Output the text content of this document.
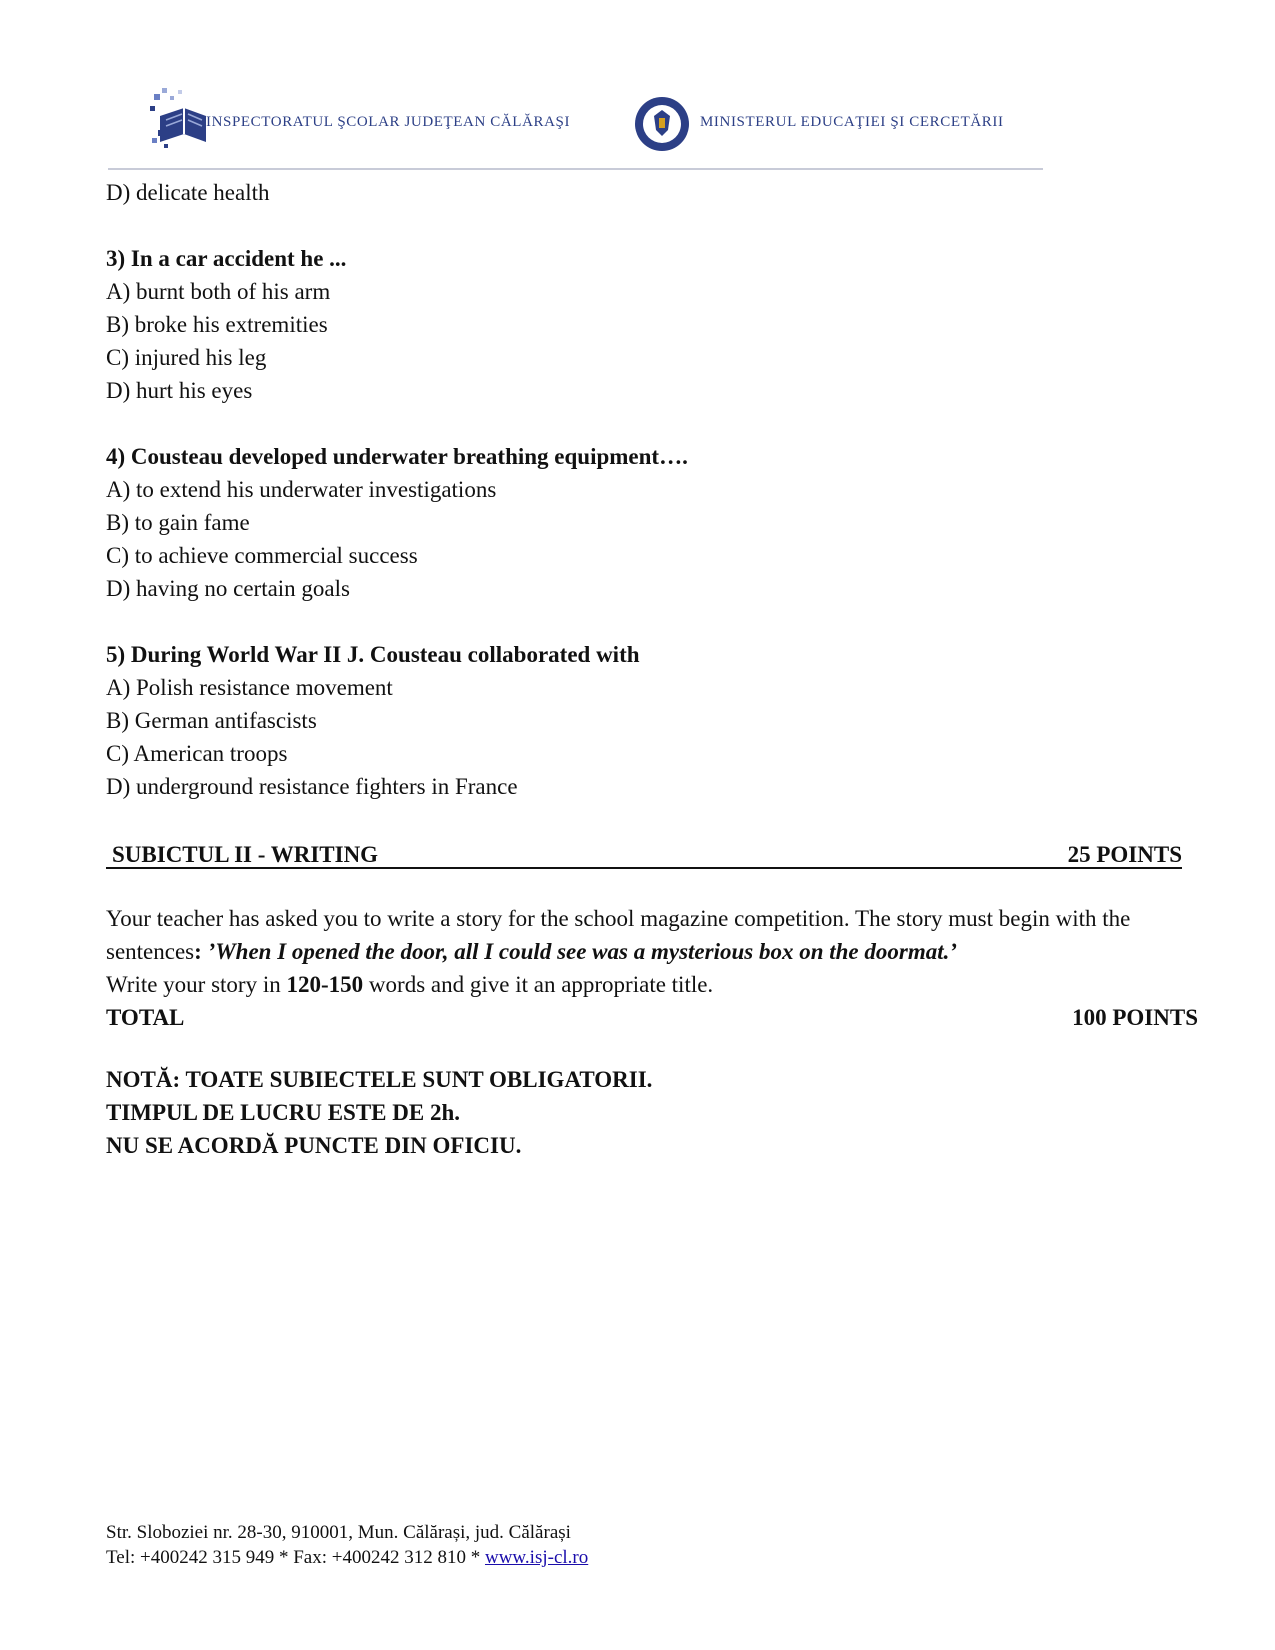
INSPECTORATUL ŞCOLAR JUDEŢEAN CĂLĂRAŞI	MINISTERUL EDUCAŢIEI ŞI CERCETĂRII
D) delicate health
3) In a car accident he ...
A) burnt both of his arm
B) broke his extremities
C) injured his leg
D) hurt his eyes
4) Cousteau developed underwater breathing equipment….
A) to extend his underwater investigations
B) to gain fame
C) to achieve commercial success
D) having no certain goals
5) During World War II J. Cousteau collaborated with
A) Polish resistance movement
B) German antifascists
C) American troops
D) underground resistance fighters in France
SUBICTUL II - WRITING	25 POINTS
Your teacher has asked you to write a story for the school magazine competition. The story must begin with the sentences: ’When I opened the door, all I could see was a mysterious box on the doormat.’
Write your story in 120-150 words and give it an appropriate title.
TOTAL	100 POINTS
NOTĂ: TOATE SUBIECTELE SUNT OBLIGATORII.
TIMPUL DE LUCRU ESTE DE 2h.
NU SE ACORDĂ PUNCTE DIN OFICIU.
Str. Sloboziei nr. 28-30, 910001, Mun. Călărași, jud. Călărași
Tel: +400242 315 949 * Fax: +400242 312 810 * www.isj-cl.ro
